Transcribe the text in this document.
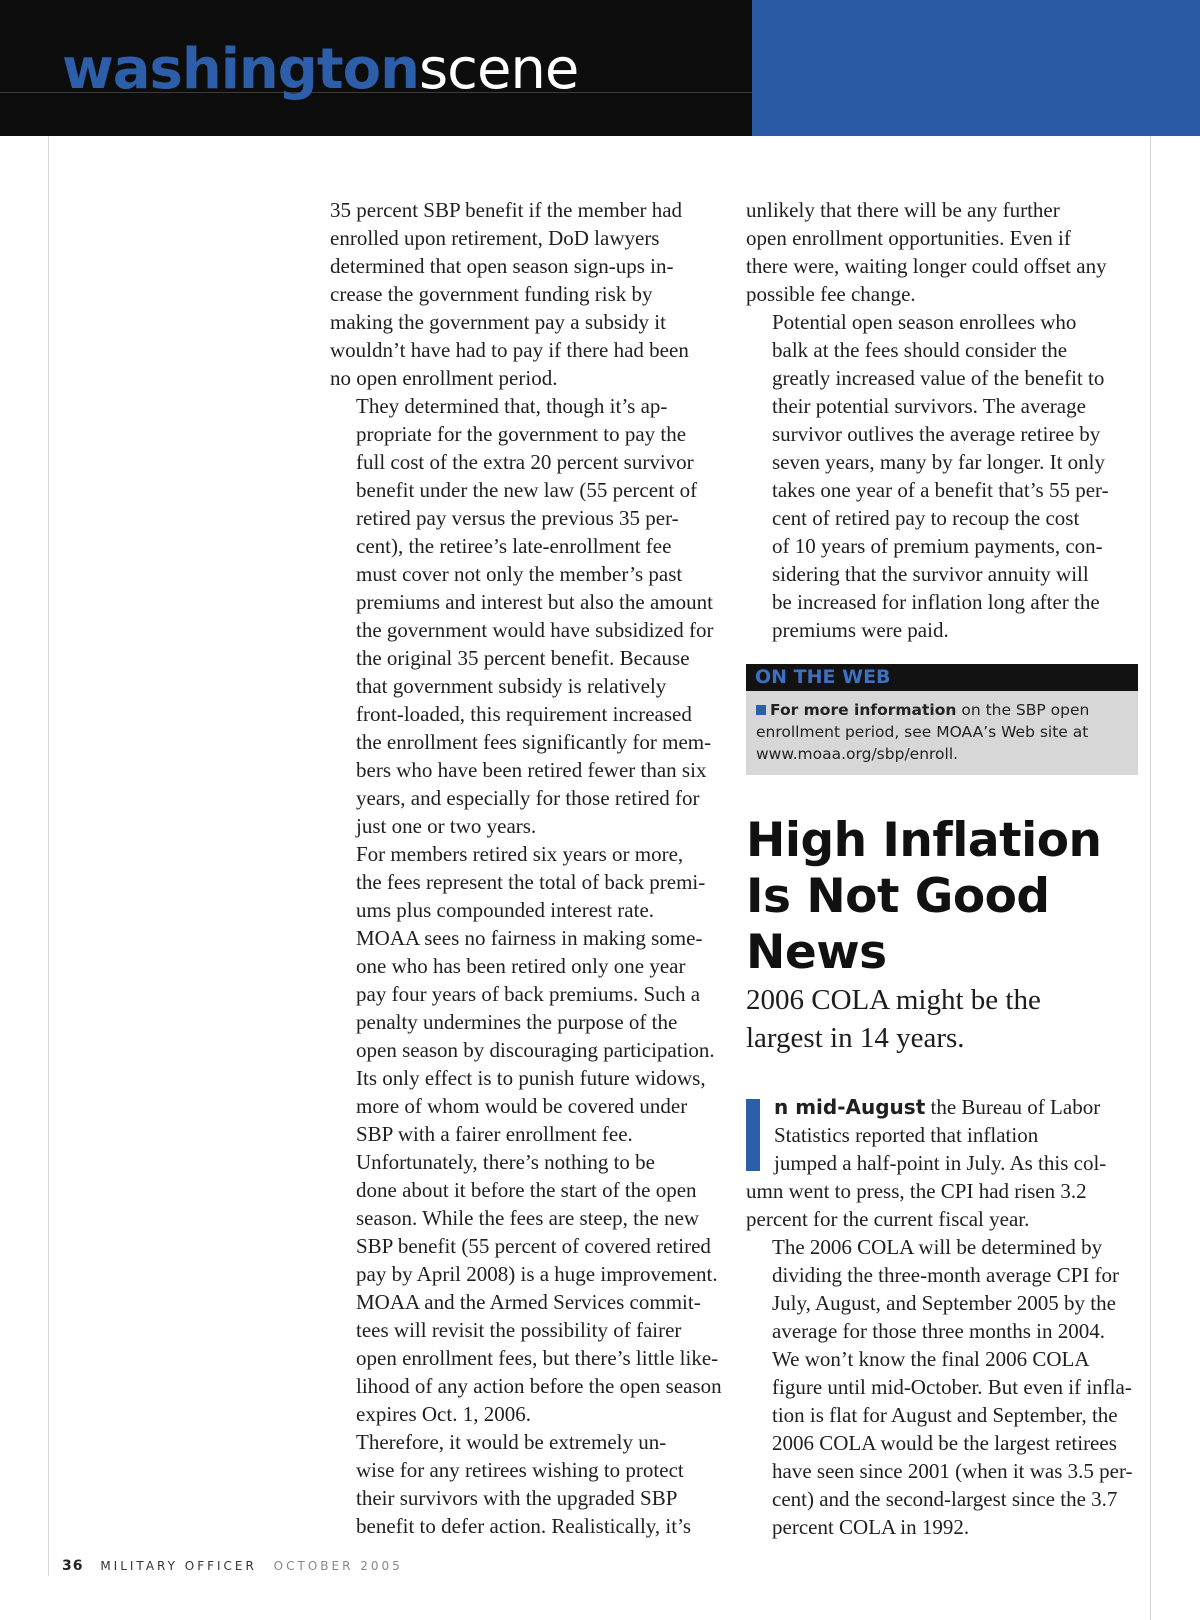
washingtonscene

35 percent SBP benefit if the member had
enrolled upon retirement, DoD lawyers
determined that open season sign-ups in-
crease the government funding risk by
making the government pay a subsidy it
wouldn’t have had to pay if there had been
no open enrollment period.

They determined that, though it’s ap-
propriate for the government to pay the
full cost of the extra 20 percent survivor
benefit under the new law (55 percent of
retired pay versus the previous 35 per-
cent), the retiree’s late-enrollment fee
must cover not only the member’s past
premiums and interest but also the amount
the government would have subsidized for
the original 35 percent benefit. Because
that government subsidy is relatively
front-loaded, this requirement increased
the enrollment fees significantly for mem-
bers who have been retired fewer than six
years, and especially for those retired for
just one or two years.

For members retired six years or more,
the fees represent the total of back premi-
ums plus compounded interest rate.

MOAA sees no fairness in making some-
one who has been retired only one year
pay four years of back premiums. Such a
penalty undermines the purpose of the
open season by discouraging participation.
Its only effect is to punish future widows,
more of whom would be covered under
SBP with a fairer enrollment fee.

Unfortunately, there’s nothing to be
done about it before the start of the open
season. While the fees are steep, the new
SBP benefit (55 percent of covered retired
pay by April 2008) is a huge improvement.

MOAA and the Armed Services commit-
tees will revisit the possibility of fairer
open enrollment fees, but there’s little like-
lihood of any action before the open season
expires Oct. 1, 2006.

Therefore, it would be extremely un-
wise for any retirees wishing to protect
their survivors with the upgraded SBP
benefit to defer action. Realistically, it’s

unlikely that there will be any further
open enrollment opportunities. Even if
there were, waiting longer could offset any
possible fee change.

Potential open season enrollees who
balk at the fees should consider the
greatly increased value of the benefit to
their potential survivors. The average
survivor outlives the average retiree by
seven years, many by far longer. It only
takes one year of a benefit that’s 55 per-
cent of retired pay to recoup the cost
of 10 years of premium payments, con-
sidering that the survivor annuity will
be increased for inflation long after the
premiums were paid.

ON THE WEB
For more information on the SBP open
enrollment period, see MOAA’s Web site at
www.moaa.org/sbp/enroll.
High Inflation
Is Not Good
News

2006 COLA might be the
largest in 14 years.

n mid-August the Bureau of Labor
Statistics reported that inflation
jumped a half-point in July. As this col-
umn went to press, the CPI had risen 3.2
percent for the current fiscal year.

The 2006 COLA will be determined by
dividing the three-month average CPI for
July, August, and September 2005 by the
average for those three months in 2004.

We won’t know the final 2006 COLA
figure until mid-October. But even if infla-
tion is flat for August and September, the
2006 COLA would be the largest retirees
have seen since 2001 (when it was 3.5 per-
cent) and the second-largest since the 3.7
percent COLA in 1992.

36 MILITARY OFFICER OCTOBER 2005
